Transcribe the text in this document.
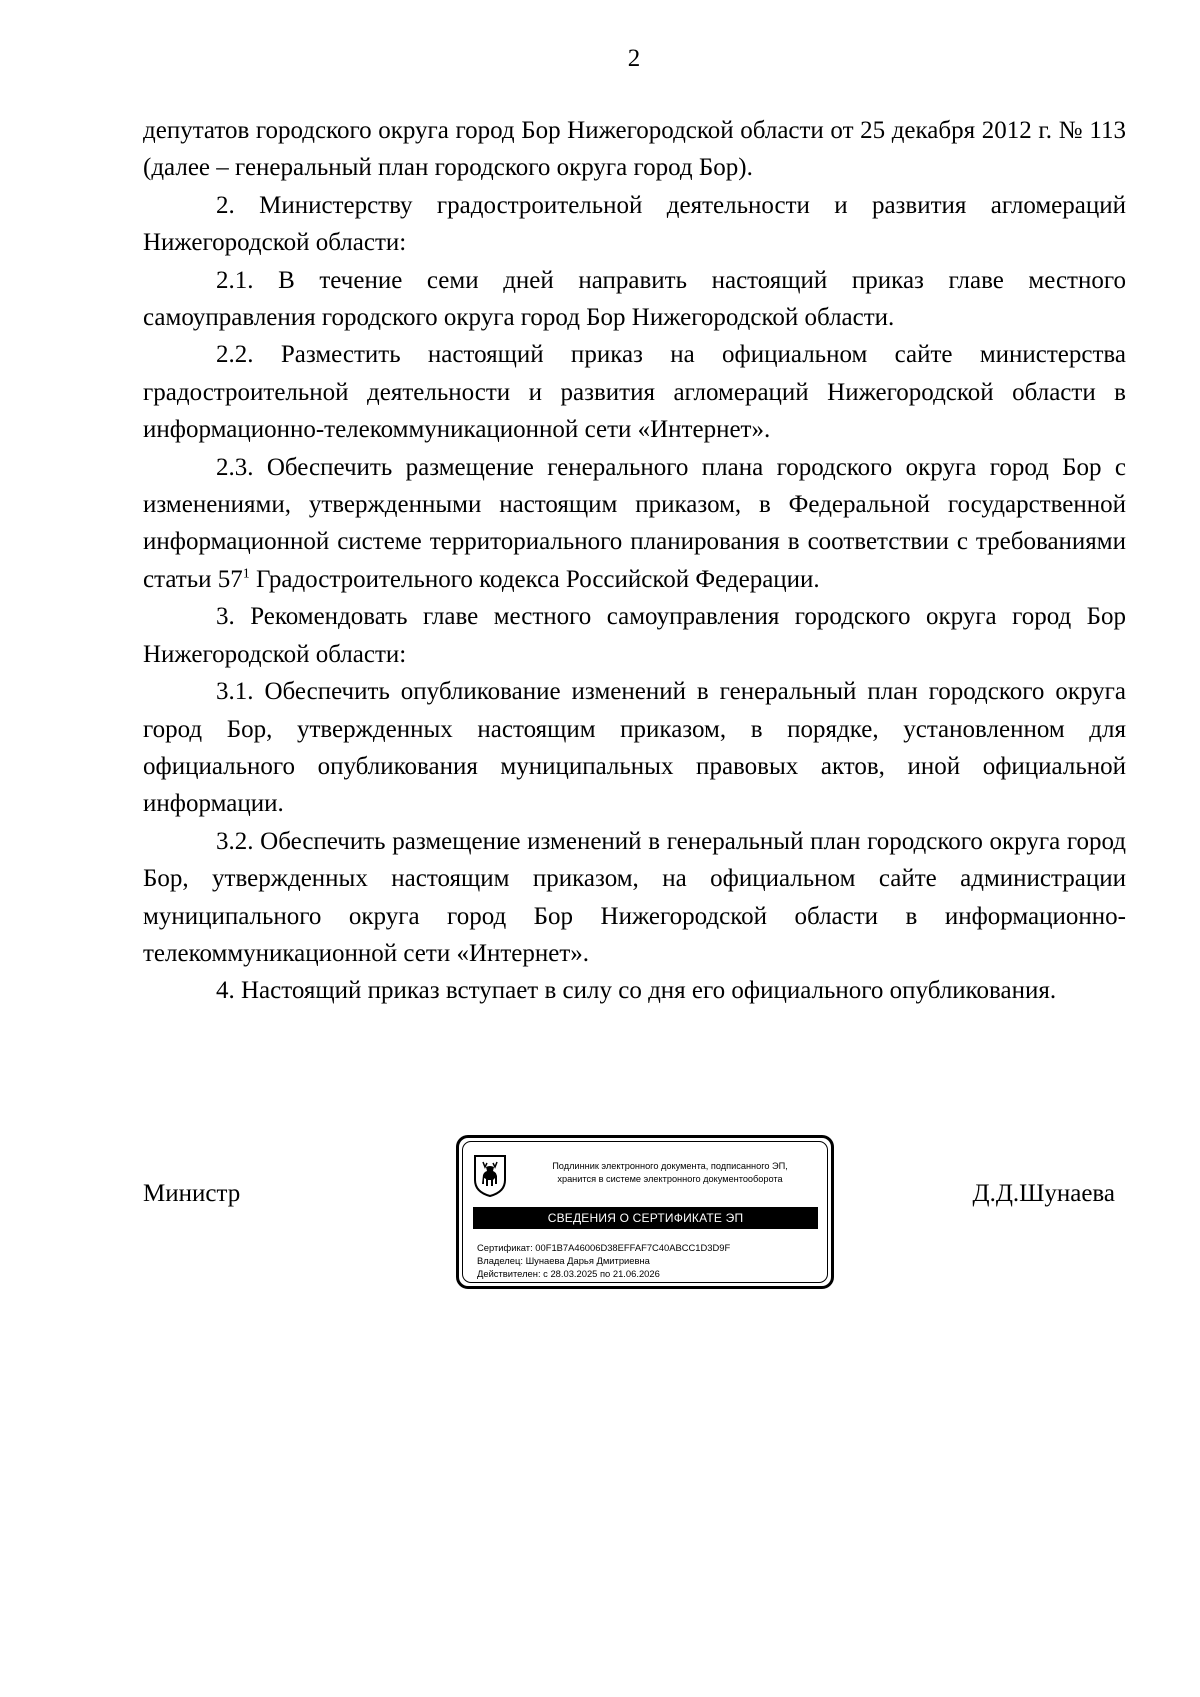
2

депутатов городского округа город Бор Нижегородской области от 25 декабря 2012 г. № 113 (далее – генеральный план городского округа город Бор).

2. Министерству градостроительной деятельности и развития агломераций Нижегородской области:

2.1. В течение семи дней направить настоящий приказ главе местного самоуправления городского округа город Бор Нижегородской области.

2.2. Разместить настоящий приказ на официальном сайте министерства градостроительной деятельности и развития агломераций Нижегородской области в информационно-телекоммуникационной сети «Интернет».

2.3. Обеспечить размещение генерального плана городского округа город Бор с изменениями, утвержденными настоящим приказом, в Федеральной государственной информационной системе территориального планирования в соответствии с требованиями статьи $57^1$ Градостроительного кодекса Российской Федерации.

3. Рекомендовать главе местного самоуправления городского округа город Бор Нижегородской области:

3.1. Обеспечить опубликование изменений в генеральный план городского округа город Бор, утвержденных настоящим приказом, в порядке, установленном для официального опубликования муниципальных правовых актов, иной официальной информации.

3.2. Обеспечить размещение изменений в генеральный план городского округа город Бор, утвержденных настоящим приказом, на официальном сайте администрации муниципального округа город Бор Нижегородской области в информационно-телекоммуникационной сети «Интернет».

4. Настоящий приказ вступает в силу со дня его официального опубликования.

Министр	Д.Д.Шунаева
Подлинник электронного документа, подписанного ЭП,
хранится в системе электронного документооборота
СВЕДЕНИЯ О СЕРТИФИКАТЕ ЭП
Сертификат: 00F1B7A46006D38EFFAF7C40ABCC1D3D9F
Владелец: Шунаева Дарья Дмитриевна
Действителен: с 28.03.2025 по 21.06.2026
